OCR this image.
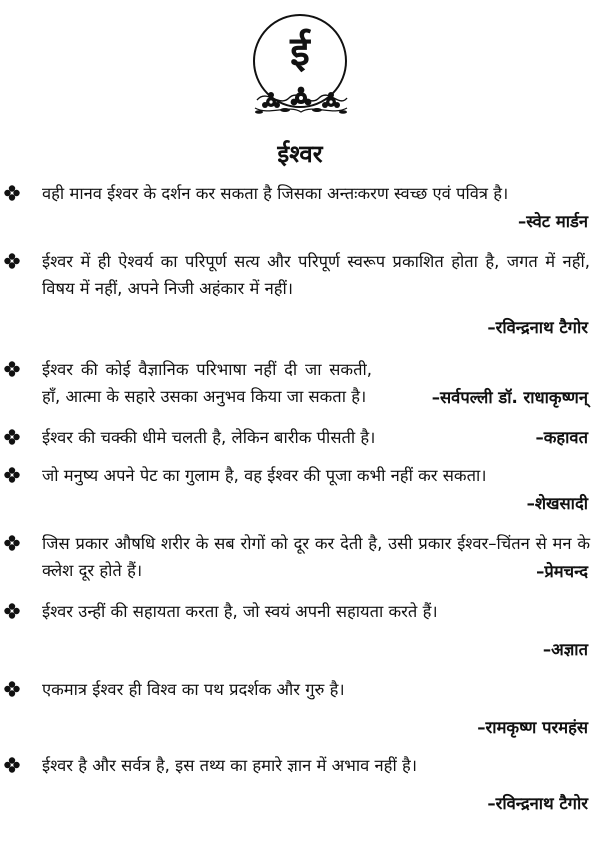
ई
ईश्वर
वही मानव ईश्वर के दर्शन कर सकता है जिसका अन्तःकरण स्वच्छ एवं पवित्र है।
–स्वेट मार्डन
ईश्वर में ही ऐश्वर्य का परिपूर्ण सत्य और परिपूर्ण स्वरूप प्रकाशित होता है, जगत में नहीं, विषय में नहीं, अपने निजी अहंकार में नहीं।
–रविन्द्रनाथ टैगोर
ईश्वर की कोई वैज्ञानिक परिभाषा नहीं दी जा सकती, हाँ, आत्मा के सहारे उसका अनुभव किया जा सकता है।	–सर्वपल्ली डॉ. राधाकृष्णन्
ईश्वर की चक्की धीमे चलती है, लेकिन बारीक पीसती है।	–कहावत
जो मनुष्य अपने पेट का गुलाम है, वह ईश्वर की पूजा कभी नहीं कर सकता।
–शेखसादी
जिस प्रकार औषधि शरीर के सब रोगों को दूर कर देती है, उसी प्रकार ईश्वर–चिंतन से मन के क्लेश दूर होते हैं।	–प्रेमचन्द
ईश्वर उन्हीं की सहायता करता है, जो स्वयं अपनी सहायता करते हैं।
–अज्ञात
एकमात्र ईश्वर ही विश्व का पथ प्रदर्शक और गुरु है।
–रामकृष्ण परमहंस
ईश्वर है और सर्वत्र है, इस तथ्य का हमारे ज्ञान में अभाव नहीं है।
–रविन्द्रनाथ टैगोर
